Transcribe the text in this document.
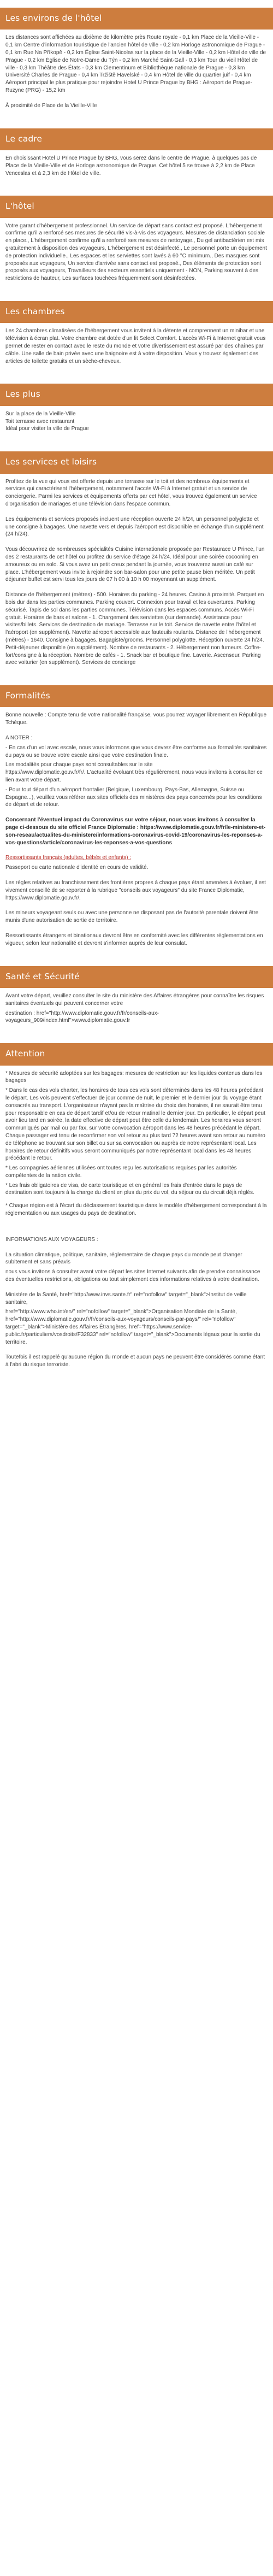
Les environs de l'hôtel

Les distances sont affichées au dixième de kilomètre près Route royale - 0,1 km Place de la Vieille-Ville - 0,1 km Centre d'information touristique de l'ancien hôtel de ville - 0,2 km Horloge astronomique de Prague - 0,1 km Rue Na Příkopě - 0,2 km Église Saint-Nicolas sur la place de la Vieille-Ville - 0,2 km Hôtel de ville de Prague - 0,2 km Église de Notre-Dame du Týn - 0,2 km Marché Saint-Gall - 0,3 km Tour du vieil Hôtel de ville - 0,3 km Théâtre des États - 0,3 km Clementinum et Bibliothèque nationale de Prague - 0,3 km Université Charles de Prague - 0,4 km Tržiště Havelské - 0,4 km Hôtel de ville du quartier juif - 0,4 km Aéroport principal le plus pratique pour rejoindre Hotel U Prince Prague by BHG : Aéroport de Prague-Ruzyne (PRG) - 15,2 km

À proximité de Place de la Vieille-Ville

Le cadre

En choisissant Hotel U Prince Prague by BHG, vous serez dans le centre de Prague, à quelques pas de Place de la Vieille-Ville et de Horloge astronomique de Prague. Cet hôtel 5 se trouve à 2,2 km de Place Venceslas et à 2,3 km de Hôtel de ville.

L'hôtel

Votre garant d'hébergement professionnel. Un service de départ sans contact est proposé. L'hébergement confirme qu'il a renforcé ses mesures de sécurité vis-à-vis des voyageurs. Mesures de distanciation sociale en place., L'hébergement confirme qu'il a renforcé ses mesures de nettoyage., Du gel antibactérien est mis gratuitement à disposition des voyageurs, L'hébergement est désinfecté., Le personnel porte un équipement de protection individuelle., Les espaces et les serviettes sont lavés à 60 °C minimum., Des masques sont proposés aux voyageurs, Un service d'arrivée sans contact est proposé., Des éléments de protection sont proposés aux voyageurs, Travailleurs des secteurs essentiels uniquement - NON, Parking souvent à des restrictions de hauteur, Les surfaces touchées fréquemment sont désinfectées.

Les chambres

Les 24 chambres climatisées de l'hébergement vous invitent à la détente et comprennent un minibar et une télévision à écran plat. Votre chambre est dotée d'un lit Select Comfort. L'accès Wi-Fi à Internet gratuit vous permet de rester en contact avec le reste du monde et votre divertissement est assuré par des chaînes par câble. Une salle de bain privée avec une baignoire est à votre disposition. Vous y trouvez également des articles de toilette gratuits et un sèche-cheveux.

Les plus

Sur la place de la Vieille-Ville

Toit terrasse avec restaurant

Idéal pour visiter la ville de Prague

Les services et loisirs

Profitez de la vue qui vous est offerte depuis une terrasse sur le toit et des nombreux équipements et services qui caractérisent l'hébergement, notamment l'accès Wi-Fi à Internet gratuit et un service de conciergerie. Parmi les services et équipements offerts par cet hôtel, vous trouvez également un service d'organisation de mariages et une télévision dans l'espace commun.

Les équipements et services proposés incluent une réception ouverte 24 h/24, un personnel polyglotte et une consigne à bagages. Une navette vers et depuis l'aéroport est disponible en échange d'un supplément (24 h/24).

Vous découvrirez de nombreuses spécialités Cuisine internationale proposée par Restaurace U Prince, l'un des 2 restaurants de cet hôtel ou profitez du service d'étage 24 h/24. Idéal pour une soirée cocooning en amoureux ou en solo. Si vous avez un petit creux pendant la journée, vous trouverez aussi un café sur place. L'hébergement vous invite à rejoindre son bar-salon pour une petite pause bien méritée. Un petit déjeuner buffet est servi tous les jours de 07 h 00 à 10 h 00 moyennant un supplément.

Distance de l'hébergement (mètres) - 500. Horaires du parking - 24 heures. Casino à proximité. Parquet en bois dur dans les parties communes. Parking couvert. Connexion pour travail et les ouvertures. Parking sécurisé. Tapis de sol dans les parties communes. Télévision dans les espaces communs. Accès Wi-Fi gratuit. Horaires de bars et salons - 1. Chargement des serviettes (sur demande). Assistance pour visites/billets. Services de destination de mariage. Terrasse sur le toit. Service de navette entre l'hôtel et l'aéroport (en supplément). Navette aéroport accessible aux fauteuils roulants. Distance de l'hébergement (mètres) - 1640. Consigne à bagages. Bagagiste/grooms. Personnel polyglotte. Réception ouverte 24 h/24. Petit-déjeuner disponible (en supplément). Nombre de restaurants - 2. Hébergement non fumeurs. Coffre-fort/consigne à la réception. Nombre de cafés - 1. Snack bar et boutique fine. Laverie. Ascenseur. Parking avec voiturier (en supplément). Services de concierge

Formalités

Bonne nouvelle : Compte tenu de votre nationalité française, vous pourrez voyager librement en République Tchèque.

A NOTER :

- En cas d'un vol avec escale, nous vous informons que vous devrez être conforme aux formalités sanitaires du pays ou se trouve votre escale ainsi que votre destination finale.

Les modalités pour chaque pays sont consultables sur le site

https://www.diplomatie.gouv.fr/fr/. L'actualité évoluant très régulièrement, nous vous invitons à consulter ce lien avant votre départ.

- Pour tout départ d'un aéroport frontalier (Belgique, Luxembourg, Pays-Bas, Allemagne, Suisse ou Espagne...), veuillez vous référer aux sites officiels des ministères des pays concernés pour les conditions de départ et de retour.

Concernant l'éventuel impact du Coronavirus sur votre séjour, nous vous invitons à consulter la page ci-dessous du site officiel France Diplomatie : https://www.diplomatie.gouv.fr/fr/le-ministere-et-son-reseau/actualites-du-ministere/informations-coronavirus-covid-19/coronavirus-les-reponses-a-vos-questions/article/coronavirus-les-reponses-a-vos-questions

Ressortissants français (adultes, bébés et enfants) :

Passeport ou carte nationale d'identité en cours de validité.

Les règles relatives au franchissement des frontières propres à chaque pays étant amenées à évoluer, il est vivement conseillé de se reporter à la rubrique "conseils aux voyageurs" du site France Diplomatie, https://www.diplomatie.gouv.fr/.

Les mineurs voyageant seuls ou avec une personne ne disposant pas de l'autorité parentale doivent être munis d'une autorisation de sortie de territoire.

Ressortissants étrangers et binationaux devront être en conformité avec les différentes réglementations en vigueur, selon leur nationalité et devront s'informer auprès de leur consulat.

Santé et Sécurité

Avant votre départ, veuillez consulter le site du ministère des Affaires étrangères pour connaître les risques sanitaires éventuels qui peuvent concerner votre

destination : href="http://www.diplomatie.gouv.fr/fr/conseils-aux-voyageurs_909/index.html">www.diplomatie.gouv.fr

Attention

* Mesures de sécurité adoptées sur les bagages: mesures de restriction sur les liquides contenus dans les bagages

* Dans le cas des vols charter, les horaires de tous ces vols sont déterminés dans les 48 heures précédant le départ. Les vols peuvent s'effectuer de jour comme de nuit, le premier et le dernier jour du voyage étant consacrés au transport. L'organisateur n'ayant pas la maîtrise du choix des horaires, il ne saurait être tenu pour responsable en cas de départ tardif et/ou de retour matinal le dernier jour. En particulier, le départ peut avoir lieu tard en soirée, la date effective de départ peut être celle du lendemain. Les horaires vous seront communiqués par mail ou par fax, sur votre convocation aéroport dans les 48 heures précédant le départ. Chaque passager est tenu de reconfirmer son vol retour au plus tard 72 heures avant son retour au numéro de téléphone se trouvant sur son billet ou sur sa convocation ou auprès de notre représentant local. Les horaires de retour définitifs vous seront communiqués par notre représentant local dans les 48 heures précédant le retour.

* Les compagnies aériennes utilisées ont toutes reçu les autorisations requises par les autorités compétentes de la nation civile.

* Les frais obligatoires de visa, de carte touristique et en général les frais d'entrée dans le pays de destination sont toujours à la charge du client en plus du prix du vol, du séjour ou du circuit déjà réglés.

* Chaque région est à l'écart du déclassement touristique dans le modèle d'hébergement correspondant à la réglementation ou aux usages du pays de destination.

INFORMATIONS AUX VOYAGEURS :

La situation climatique, politique, sanitaire, réglementaire de chaque pays du monde peut changer subitement et sans préavis

nous vous invitons à consulter avant votre départ les sites Internet suivants afin de prendre connaissance des éventuelles restrictions, obligations ou tout simplement des informations relatives à votre destination.

Ministère de la Santé, href="http://www.invs.sante.fr" rel="nofollow" target="_blank">Institut de veille sanitaire,

href="http://www.who.int/en/" rel="nofollow" target="_blank">Organisation Mondiale de la Santé, href="http://www.diplomatie.gouv.fr/fr/conseils-aux-voyageurs/conseils-par-pays/" rel="nofollow" target="_blank">Ministère des Affaires Étrangères, href="https://www.service-public.fr/particuliers/vosdroits/F32833" rel="nofollow" target="_blank">Documents légaux pour la sortie du territoire.

Toutefois il est rappelé qu'aucune région du monde et aucun pays ne peuvent être considérés comme étant à l'abri du risque terroriste.
